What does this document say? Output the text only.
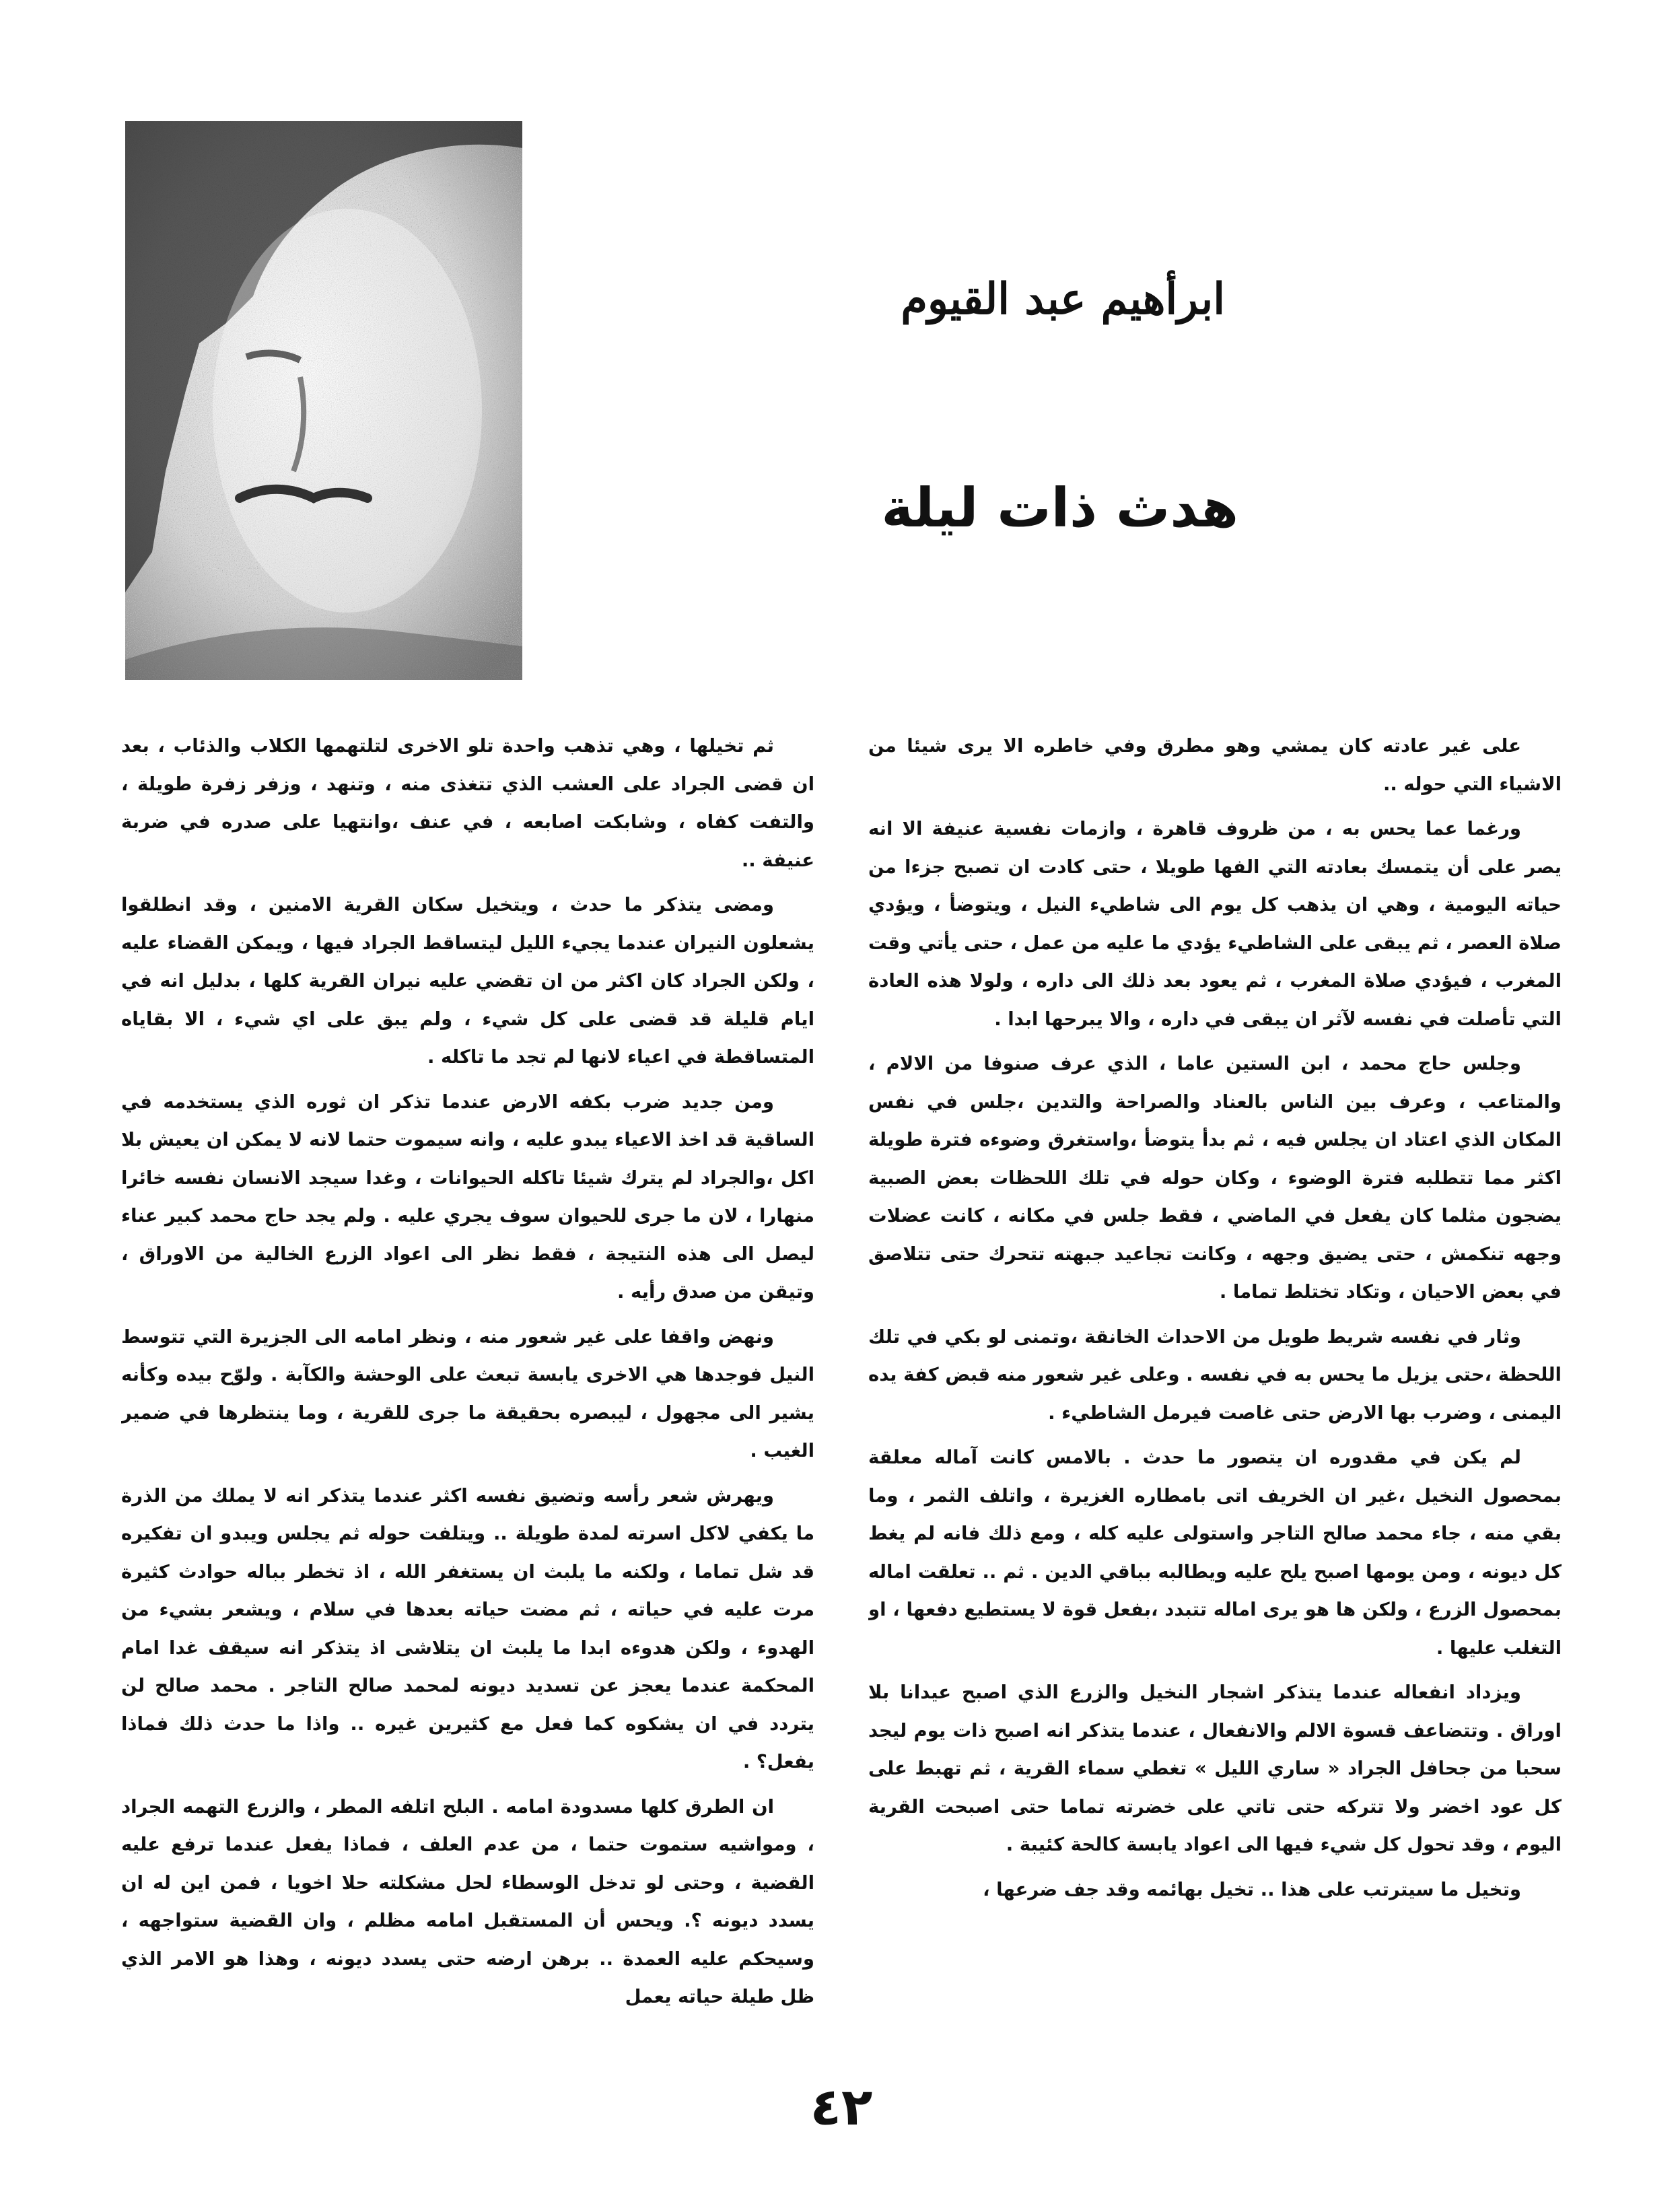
ابرأهيم عبد القيوم
هدث ذات ليلة

على غير عادته كان يمشي وهو مطرق وفي خاطره الا يرى شيئا من الاشياء التي حوله ..

ورغما عما يحس به ، من ظروف قاهرة ، وازمات نفسية عنيفة الا انه يصر على أن يتمسك بعادته التي الفها طويلا ، حتى كادت ان تصبح جزءا من حياته اليومية ، وهي ان يذهب كل يوم الى شاطيء النيل ، ويتوضأ ، ويؤدي صلاة العصر ، ثم يبقى على الشاطيء يؤدي ما عليه من عمل ، حتى يأتي وقت المغرب ، فيؤدي صلاة المغرب ، ثم يعود بعد ذلك الى داره ، ولولا هذه العادة التي تأصلت في نفسه لآثر ان يبقى في داره ، والا يبرحها ابدا .

وجلس حاج محمد ، ابن الستين عاما ، الذي عرف صنوفا من الالام ، والمتاعب ، وعرف بين الناس بالعناد والصراحة والتدين ،جلس في نفس المكان الذي اعتاد ان يجلس فيه ، ثم بدأ يتوضأ ،واستغرق وضوءه فترة طويلة اكثر مما تتطلبه فترة الوضوء ، وكان حوله في تلك اللحظات بعض الصبية يضجون مثلما كان يفعل في الماضي ، فقط جلس في مكانه ، كانت عضلات وجهه تنكمش ، حتى يضيق وجهه ، وكانت تجاعيد جبهته تتحرك حتى تتلاصق في بعض الاحيان ، وتكاد تختلط تماما .

وثار في نفسه شريط طويل من الاحداث الخانقة ،وتمنى لو بكي في تلك اللحظة ،حتى يزيل ما يحس به في نفسه . وعلى غير شعور منه قبض كفة يده اليمنى ، وضرب بها الارض حتى غاصت فيرمل الشاطيء .

لم يكن في مقدوره ان يتصور ما حدث . بالامس كانت آماله معلقة بمحصول النخيل ،غير ان الخريف اتى بامطاره الغزيرة ، واتلف الثمر ، وما بقي منه ، جاء محمد صالح التاجر واستولى عليه كله ، ومع ذلك فانه لم يغط كل ديونه ، ومن يومها اصبح يلح عليه ويطالبه بباقي الدين . ثم .. تعلقت اماله بمحصول الزرع ، ولكن ها هو يرى اماله تتبدد ،بفعل قوة لا يستطيع دفعها ، او التغلب عليها .

ويزداد انفعاله عندما يتذكر اشجار النخيل والزرع الذي اصبح عيدانا بلا اوراق . وتتضاعف قسوة الالم والانفعال ، عندما يتذكر انه اصبح ذات يوم ليجد سحبا من جحافل الجراد « ساري الليل » تغطي سماء القرية ، ثم تهبط على كل عود اخضر ولا تتركه حتى تاتي على خضرته تماما حتى اصبحت القرية اليوم ، وقد تحول كل شيء فيها الى اعواد يابسة كالحة كئيبة .

وتخيل ما سيترتب على هذا .. تخيل بهائمه وقد جف ضرعها ،

ثم تخيلها ، وهي تذهب واحدة تلو الاخرى لتلتهمها الكلاب والذئاب ، بعد ان قضى الجراد على العشب الذي تتغذى منه ، وتنهد ، وزفر زفرة طويلة ، والتفت كفاه ، وشابكت اصابعه ، في عنف ،وانتهيا على صدره في ضربة عنيفة ..

ومضى يتذكر ما حدث ، ويتخيل سكان القرية الامنين ، وقد انطلقوا يشعلون النيران عندما يجيء الليل ليتساقط الجراد فيها ، ويمكن القضاء عليه ، ولكن الجراد كان اكثر من ان تقضي عليه نيران القرية كلها ، بدليل انه في ايام قليلة قد قضى على كل شيء ، ولم يبق على اي شيء ، الا بقاياه المتساقطة في اعياء لانها لم تجد ما تاكله .

ومن جديد ضرب بكفه الارض عندما تذكر ان ثوره الذي يستخدمه في الساقية قد اخذ الاعياء يبدو عليه ، وانه سيموت حتما لانه لا يمكن ان يعيش بلا اكل ،والجراد لم يترك شيئا تاكله الحيوانات ، وغدا سيجد الانسان نفسه خائرا منهارا ، لان ما جرى للحيوان سوف يجري عليه . ولم يجد حاج محمد كبير عناء ليصل الى هذه النتيجة ، فقط نظر الى اعواد الزرع الخالية من الاوراق ، وتيقن من صدق رأيه .

ونهض واقفا على غير شعور منه ، ونظر امامه الى الجزيرة التي تتوسط النيل فوجدها هي الاخرى يابسة تبعث على الوحشة والكآبة . ولوّح بيده وكأنه يشير الى مجهول ، ليبصره بحقيقة ما جرى للقرية ، وما ينتظرها في ضمير الغيب .

ويهرش شعر رأسه وتضيق نفسه اكثر عندما يتذكر انه لا يملك من الذرة ما يكفي لاكل اسرته لمدة طويلة .. ويتلفت حوله ثم يجلس ويبدو ان تفكيره قد شل تماما ، ولكنه ما يلبث ان يستغفر الله ، اذ تخطر بباله حوادث كثيرة مرت عليه في حياته ، ثم مضت حياته بعدها في سلام ، ويشعر بشيء من الهدوء ، ولكن هدوءه ابدا ما يلبث ان يتلاشى اذ يتذكر انه سيقف غدا امام المحكمة عندما يعجز عن تسديد ديونه لمحمد صالح التاجر . محمد صالح لن يتردد في ان يشكوه كما فعل مع كثيرين غيره .. واذا ما حدث ذلك فماذا يفعل؟ .

ان الطرق كلها مسدودة امامه . البلح اتلفه المطر ، والزرع التهمه الجراد ، ومواشيه ستموت حتما ، من عدم العلف ، فماذا يفعل عندما ترفع عليه القضية ، وحتى لو تدخل الوسطاء لحل مشكلته حلا اخويا ، فمن اين له ان يسدد ديونه ؟. ويحس أن المستقبل امامه مظلم ، وان القضية ستواجهه ، وسيحكم عليه العمدة .. برهن ارضه حتى يسدد ديونه ، وهذا هو الامر الذي ظل طيلة حياته يعمل

٤٢
